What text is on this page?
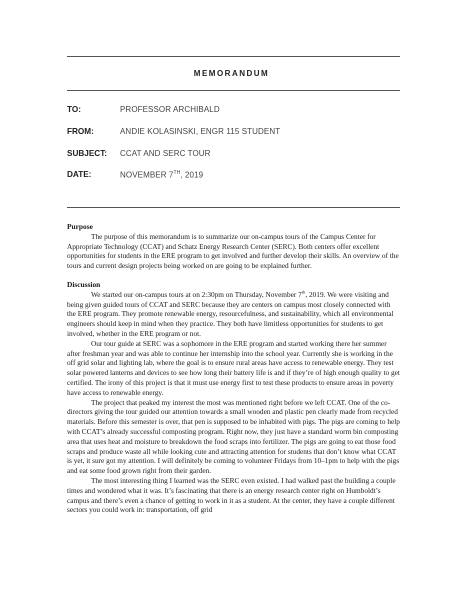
MEMORANDUM
TO:	PROFESSOR ARCHIBALD
FROM:	ANDIE KOLASINSKI, ENGR 115 STUDENT
SUBJECT: CCAT AND SERC TOUR
DATE:	NOVEMBER 7TH, 2019
Purpose

The purpose of this memorandum is to summarize our on-campus tours of the Campus Center for Appropriate Technology (CCAT) and Schatz Energy Research Center (SERC). Both centers offer excellent opportunities for students in the ERE program to get involved and further develop their skills. An overview of the tours and current design projects being worked on are going to be explained further.

Discussion

We started our on-campus tours at on 2:30pm on Thursday, November 7th, 2019. We were visiting and being given guided tours of CCAT and SERC because they are centers on campus most closely connected with the ERE program. They promote renewable energy, resourcefulness, and sustainability, which all environmental engineers should keep in mind when they practice. They both have limitless opportunities for students to get involved, whether in the ERE program or not.

Our tour guide at SERC was a sophomore in the ERE program and started working there her summer after freshman year and was able to continue her internship into the school year. Currently she is working in the off grid solar and lighting lab, where the goal is to ensure rural areas have access to renewable energy. They test solar powered lanterns and devices to see how long their battery life is and if they’re of high enough quality to get certified. The irony of this project is that it must use energy first to test these products to ensure areas in poverty have access to renewable energy.

The project that peaked my interest the most was mentioned right before we left CCAT. One of the co-directors giving the tour guided our attention towards a small wooden and plastic pen clearly made from recycled materials. Before this semester is over, that pen is supposed to be inhabited with pigs. The pigs are coming to help with CCAT’s already successful composting program. Right now, they just have a standard worm bin composting area that uses heat and moisture to breakdown the food scraps into fertilizer. The pigs are going to eat those food scraps and produce waste all while looking cute and attracting attention for students that don’t know what CCAT is yet, it sure got my attention. I will definitely be coming to volunteer Fridays from 10–1pm to help with the pigs and eat some food grown right from their garden.

The most interesting thing I learned was the SERC even existed. I had walked past the building a couple times and wondered what it was. It’s fascinating that there is an energy research center right on Humboldt’s campus and there’s even a chance of getting to work in it as a student. At the center, they have a couple different sectors you could work in: transportation, off grid
